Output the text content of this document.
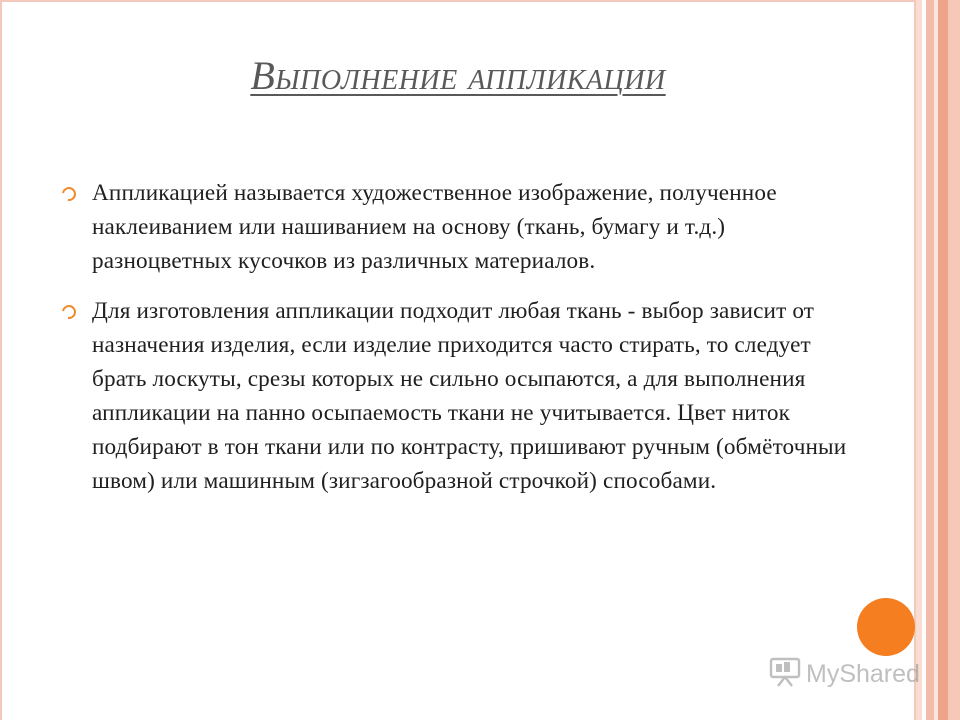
Выполнение аппликации
Аппликацией называется художественное изображение, полученное наклеиванием или нашиванием на основу (ткань, бумагу и т.д.) разноцветных кусочков из различных материалов.
Для изготовления аппликации подходит любая ткань - выбор зависит от назначения изделия, если изделие приходится часто стирать, то следует брать лоскуты, срезы которых не сильно осыпаются, а для выполнения аппликации на панно осыпаемость ткани не учитывается. Цвет ниток подбирают в тон ткани или по контрасту, пришивают ручным (обмёточныи швом) или машинным (зигзагообразной строчкой) способами.
MyShared
